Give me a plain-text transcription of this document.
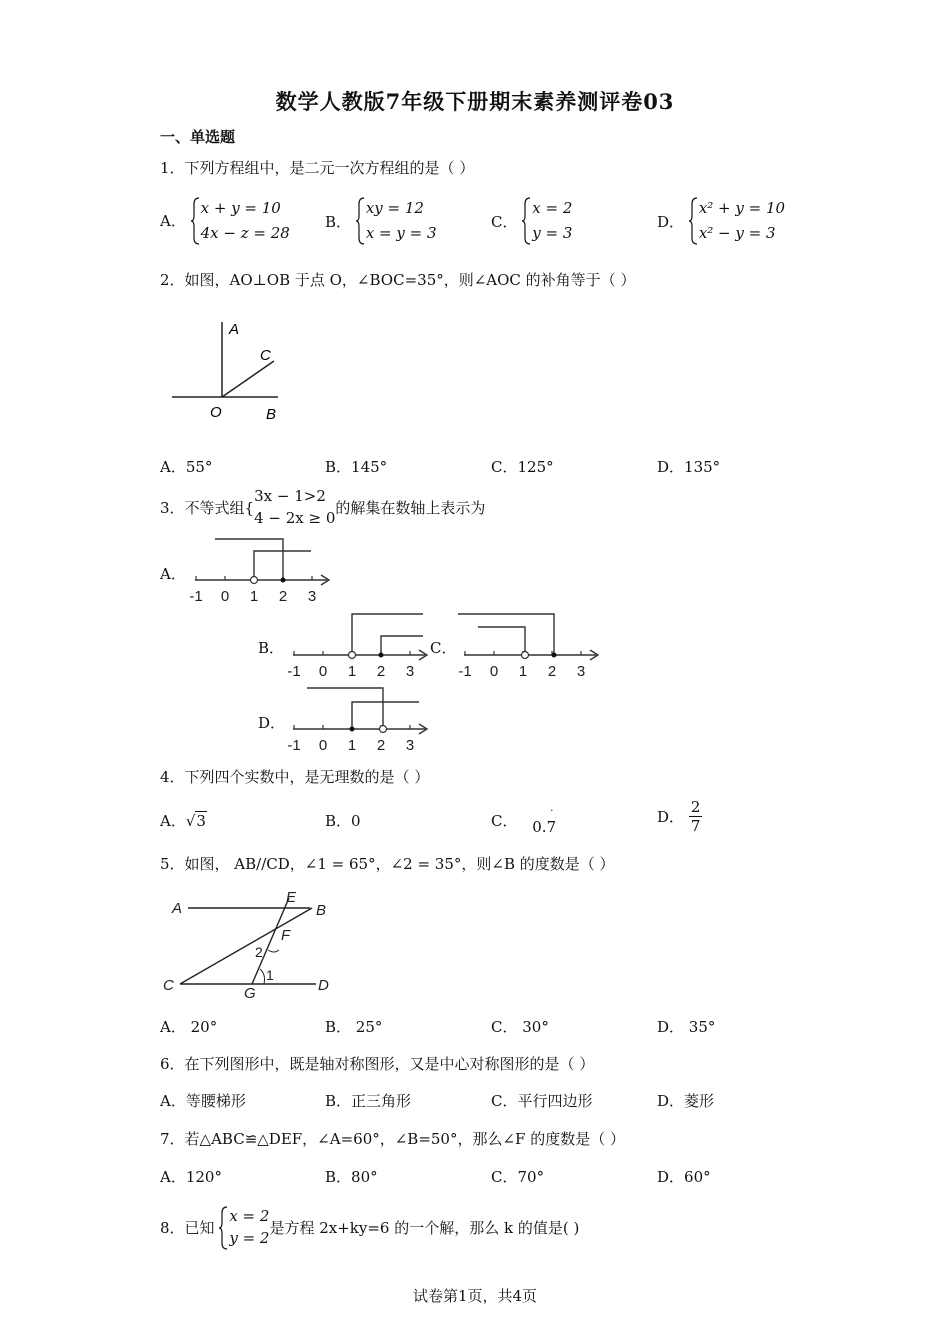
数学人教版7年级下册期末素养测评卷03
一、单选题
1．下列方程组中，是二元一次方程组的是（ ）
A．
x + y = 10
4x − z = 28
B．
xy = 12
x = y = 3
C．
x = 2
y = 3
D．
x² + y = 10
x² − y = 3
2．如图，AO⊥OB 于点 O，∠BOC=35°，则∠AOC 的补角等于（ ）
A
C
O	B
A．55°	B．145°	C．125°	D．135°
3．不等式组{
3x − 1>2
4 − 2x ≥ 0
的解集在数轴上表示为
A．
-1 0 1 2 3
B．
-1 0 1 2 3
C．
-1 0 1 2 3
D．
-1 0 1 2 3
4．下列四个实数中，是无理数的是（ ）
A．√ 3	B．0	C．
·
0.7
D． $\frac{2}{7}$
5．如图， AB//CD，∠1 = 65°，∠2 = 35°，则∠B 的度数是（ ）
A
E
B
F
C	G	D
2
1
A． 20°	B． 25°	C． 30°	D． 35°
6．在下列图形中，既是轴对称图形，又是中心对称图形的是（ ）
A．等腰梯形	B．正三角形	C．平行四边形	D．菱形
7．若△ABC≌△DEF，∠A=60°，∠B=50°，那么∠F 的度数是（ ）
A．120°	B．80°	C．70°	D．60°
8．已知
x = 2
y = 2
是方程 2x+ky=6 的一个解，那么 k 的值是( )
试卷第1页，共4页
